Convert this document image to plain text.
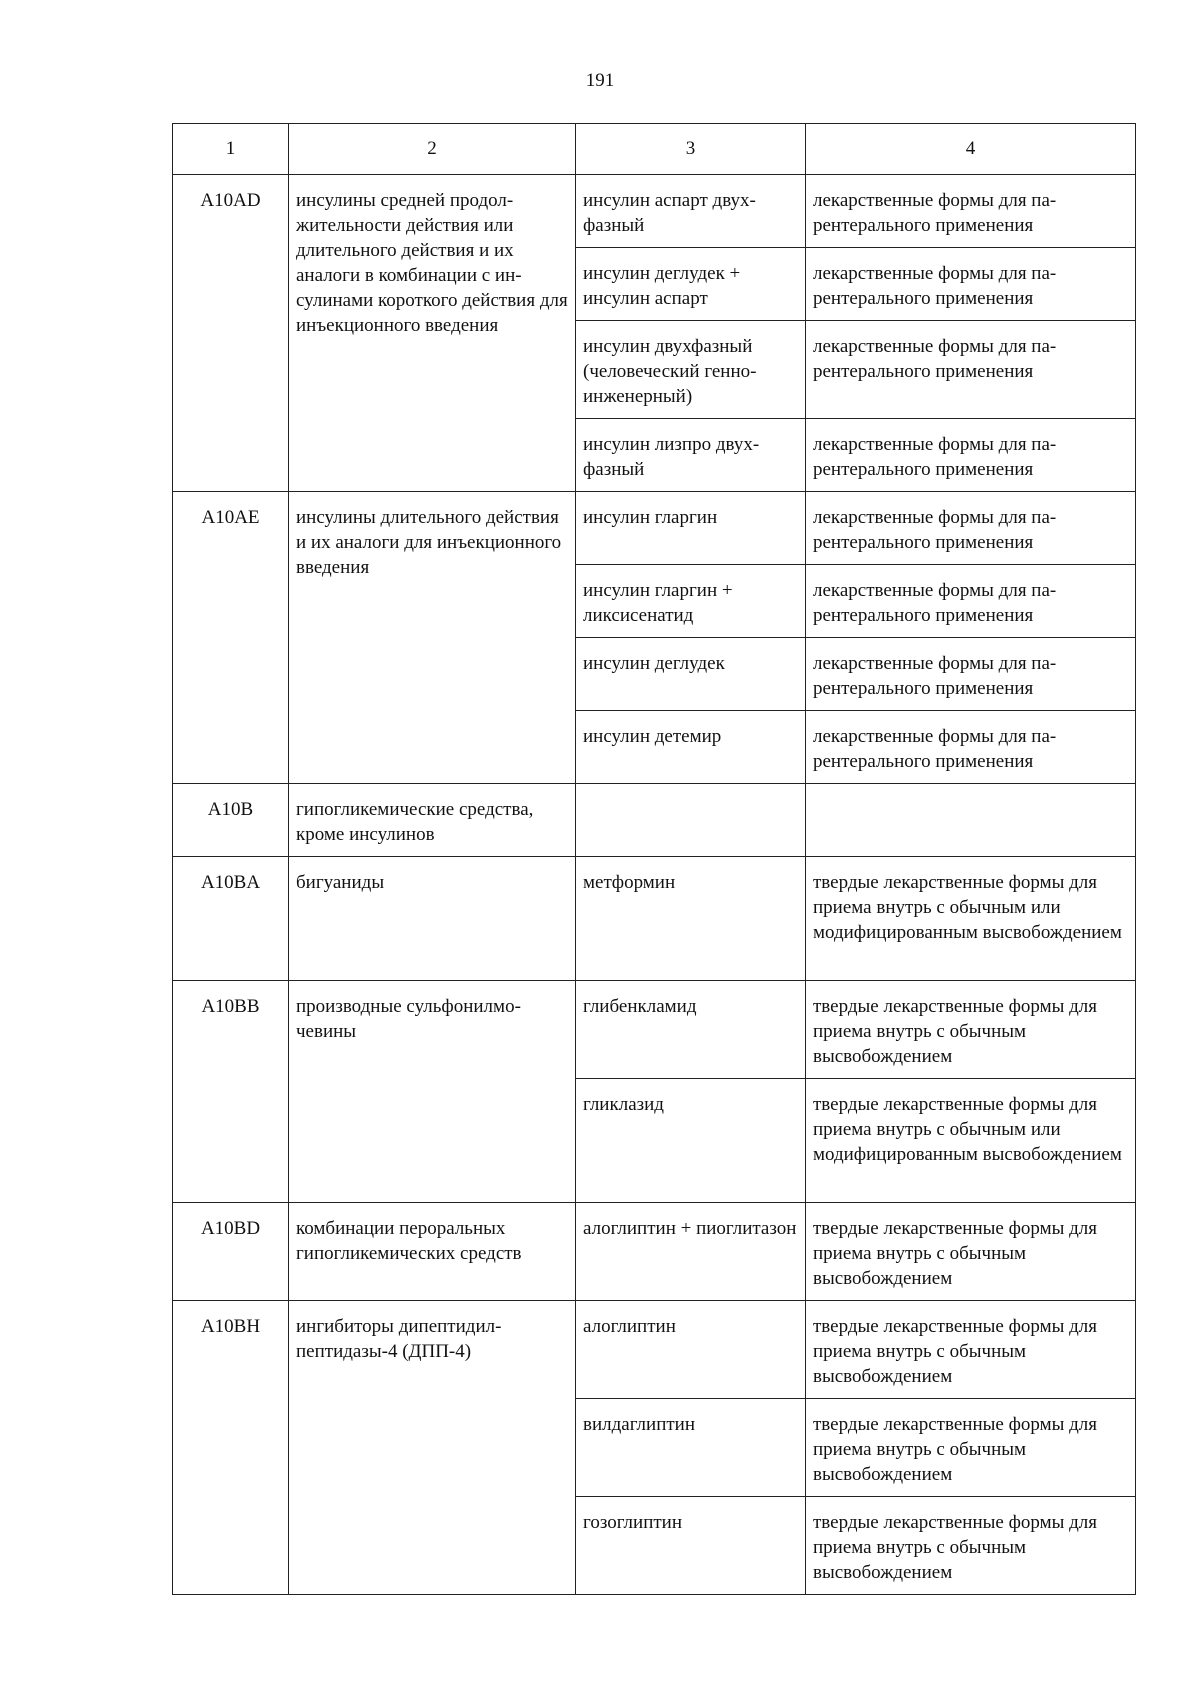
191
1	2	3	4
A10AD	инсулины средней продолжительности действия или длительного действия и их аналоги в комбинации с инсулинами короткого действия для инъекционного введения	инсулин аспарт двухфазный	лекарственные формы для парентерального применения
		инсулин деглудек + инсулин аспарт	лекарственные формы для парентерального применения
		инсулин двухфазный (человеческий генноинженерный)	лекарственные формы для парентерального применения
		инсулин лизпро двухфазный	лекарственные формы для парентерального применения
A10AE	инсулины длительного действия и их аналоги для инъекционного введения	инсулин гларгин	лекарственные формы для парентерального применения
		инсулин гларгин + ликсисенатид	лекарственные формы для парентерального применения
		инсулин деглудек	лекарственные формы для парентерального применения
		инсулин детемир	лекарственные формы для парентерального применения
A10B	гипогликемические средства, кроме инсулинов		
A10BA	бигуаниды	метформин	твердые лекарственные формы для приема внутрь с обычным или модифицированным высвобождением
A10BB	производные сульфонилмочевины	глибенкламид	твердые лекарственные формы для приема внутрь с обычным высвобождением
		гликлазид	твердые лекарственные формы для приема внутрь с обычным или модифицированным высвобождением
A10BD	комбинации пероральных гипогликемических средств	алоглиптин + пиоглитазон	твердые лекарственные формы для приема внутрь с обычным высвобождением
A10BH	ингибиторы дипептидилпептидазы-4 (ДПП-4)	алоглиптин	твердые лекарственные формы для приема внутрь с обычным высвобождением
		вилдаглиптин	твердые лекарственные формы для приема внутрь с обычным высвобождением
		гозоглиптин	твердые лекарственные формы для приема внутрь с обычным высвобождением
